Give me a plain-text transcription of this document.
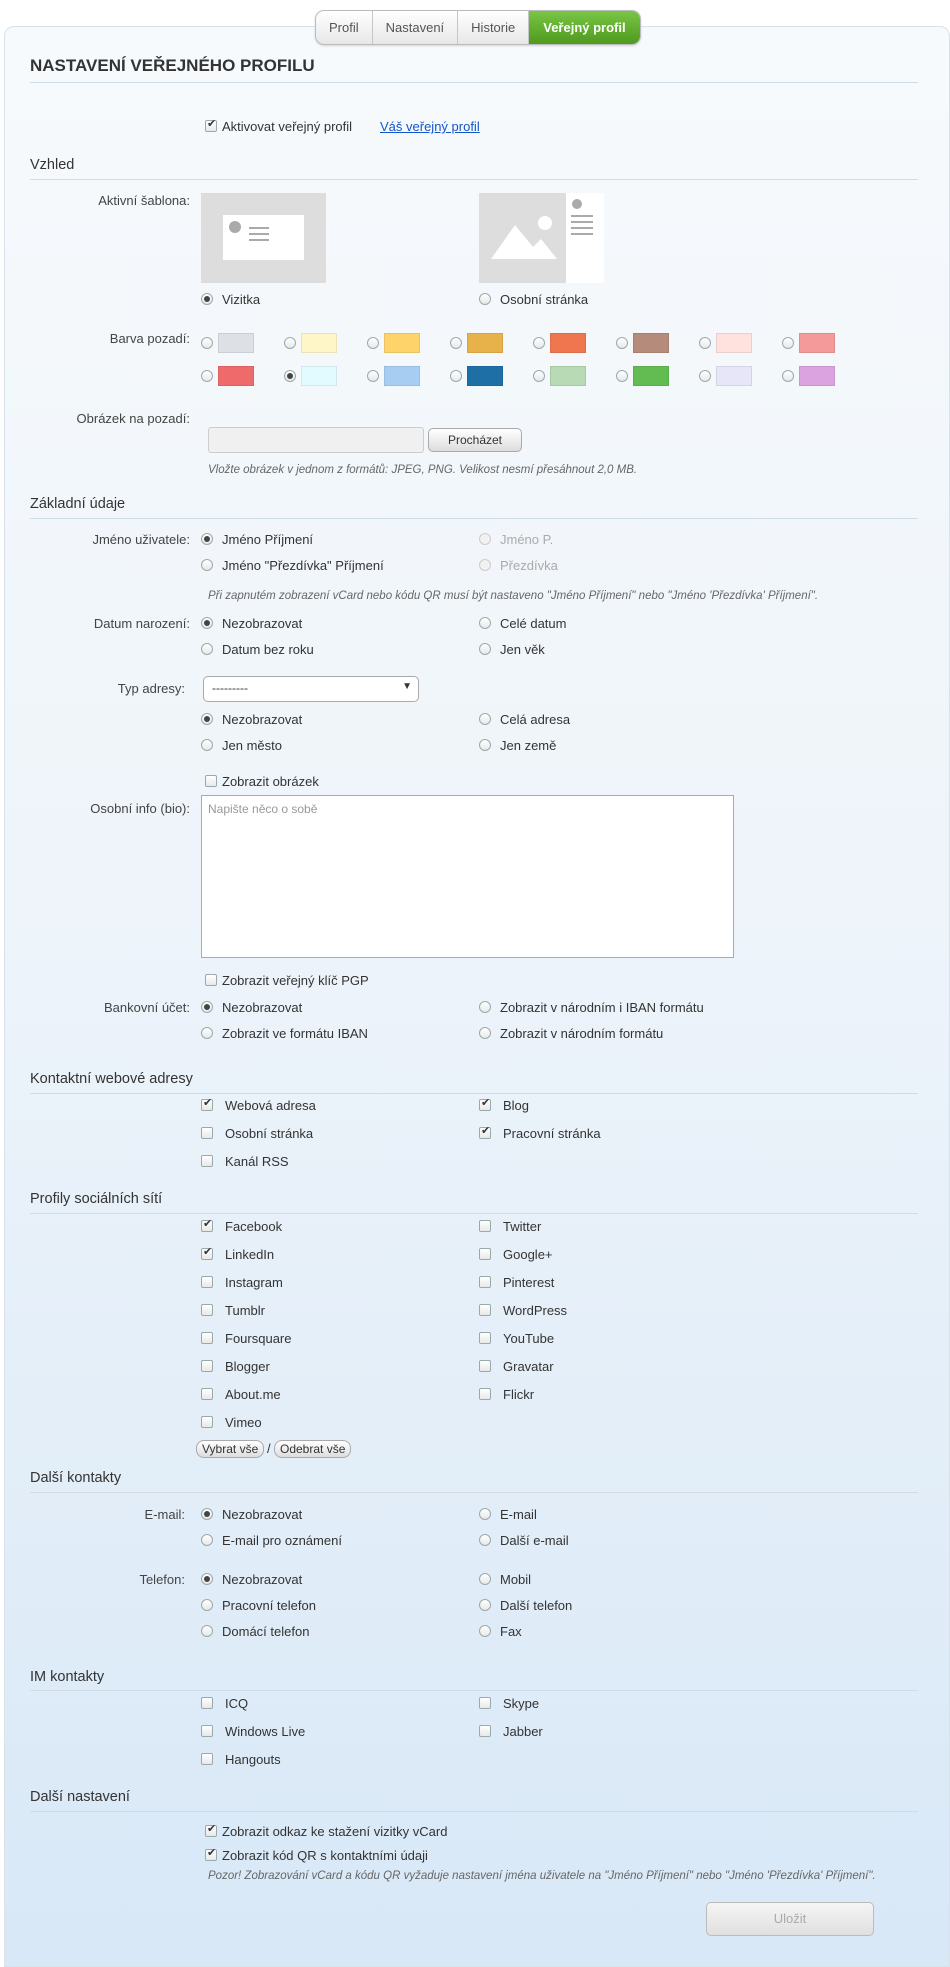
Profil	Nastavení	Historie	Veřejný profil
NASTAVENÍ VEŘEJNÉHO PROFILU
✔
Aktivovat veřejný profil Váš veřejný profil
Vzhled
Aktivní šablona:
Vizitka	Osobní stránka
Barva pozadí:
Obrázek na pozadí:
Procházet
Vložte obrázek v jednom z formátů: JPEG, PNG. Velikost nesmí přesáhnout 2,0 MB.
Základní údaje
Jméno uživatele: Jméno Příjmení	Jméno P.
Jméno "Přezdívka" Příjmení	Přezdívka
Při zapnutém zobrazení vCard nebo kódu QR musí být nastaveno "Jméno Příjmení" nebo "Jméno 'Přezdívka' Příjmení".
Datum narození: Nezobrazovat	Celé datum
Datum bez roku	Jen věk
Typ adresy:	---------	▼
Nezobrazovat	Celá adresa
Jen město	Jen země
Zobrazit obrázek
Osobní info (bio):	Napište něco o sobě
Zobrazit veřejný klíč PGP
Bankovní účet: Nezobrazovat	Zobrazit v národním i IBAN formátu
Zobrazit ve formátu IBAN	Zobrazit v národním formátu
Kontaktní webové adresy
✔
Webová adresa ✔	Blog
Osobní stránka ✔	Pracovní stránka
Kanál RSS
Profily sociálních sítí
✔
Facebook	Twitter
✔
LinkedIn	Google+
Instagram	Pinterest
Tumblr	WordPress
Foursquare	YouTube
Blogger	Gravatar
About.me	Flickr
Vimeo
Vybrat vše / Odebrat vše
Další kontakty
E-mail:	Nezobrazovat	E-mail
E-mail pro oznámení	Další e-mail
Telefon:	Nezobrazovat	Mobil
Pracovní telefon	Další telefon
Domácí telefon	Fax
IM kontakty
ICQ	Skype
Windows Live	Jabber
Hangouts
Další nastavení
✔
Zobrazit odkaz ke stažení vizitky vCard
✔
Zobrazit kód QR s kontaktními údaji
Pozor! Zobrazování vCard a kódu QR vyžaduje nastavení jména uživatele na "Jméno Příjmení" nebo "Jméno 'Přezdívka' Příjmení".
Uložit
